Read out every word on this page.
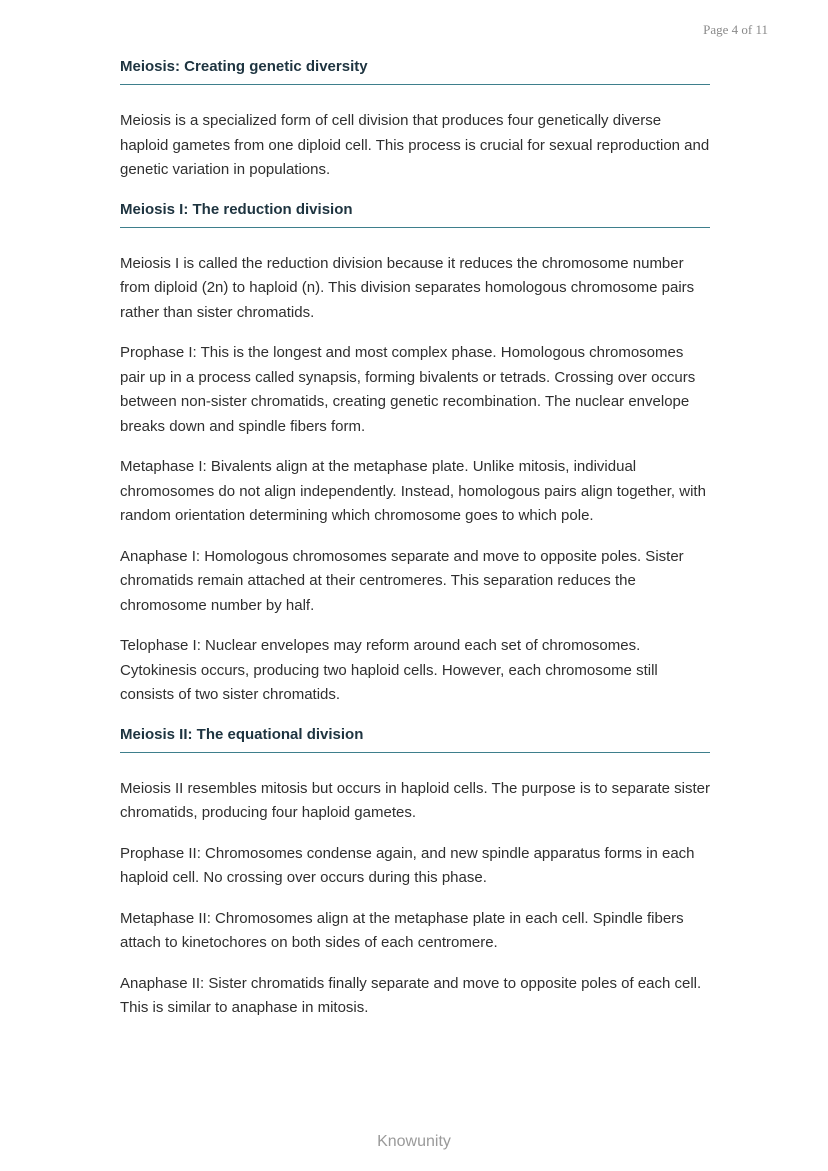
Page 4 of 11
Meiosis: Creating genetic diversity

Meiosis is a specialized form of cell division that produces four genetically diverse haploid gametes from one diploid cell. This process is crucial for sexual reproduction and genetic variation in populations.

Meiosis I: The reduction division

Meiosis I is called the reduction division because it reduces the chromosome number from diploid (2n) to haploid (n). This division separates homologous chromosome pairs rather than sister chromatids.

Prophase I: This is the longest and most complex phase. Homologous chromosomes pair up in a process called synapsis, forming bivalents or tetrads. Crossing over occurs between non-sister chromatids, creating genetic recombination. The nuclear envelope breaks down and spindle fibers form.

Metaphase I: Bivalents align at the metaphase plate. Unlike mitosis, individual chromosomes do not align independently. Instead, homologous pairs align together, with random orientation determining which chromosome goes to which pole.

Anaphase I: Homologous chromosomes separate and move to opposite poles. Sister chromatids remain attached at their centromeres. This separation reduces the chromosome number by half.

Telophase I: Nuclear envelopes may reform around each set of chromosomes. Cytokinesis occurs, producing two haploid cells. However, each chromosome still consists of two sister chromatids.

Meiosis II: The equational division

Meiosis II resembles mitosis but occurs in haploid cells. The purpose is to separate sister chromatids, producing four haploid gametes.

Prophase II: Chromosomes condense again, and new spindle apparatus forms in each haploid cell. No crossing over occurs during this phase.

Metaphase II: Chromosomes align at the metaphase plate in each cell. Spindle fibers attach to kinetochores on both sides of each centromere.

Anaphase II: Sister chromatids finally separate and move to opposite poles of each cell. This is similar to anaphase in mitosis.

Knowunity
